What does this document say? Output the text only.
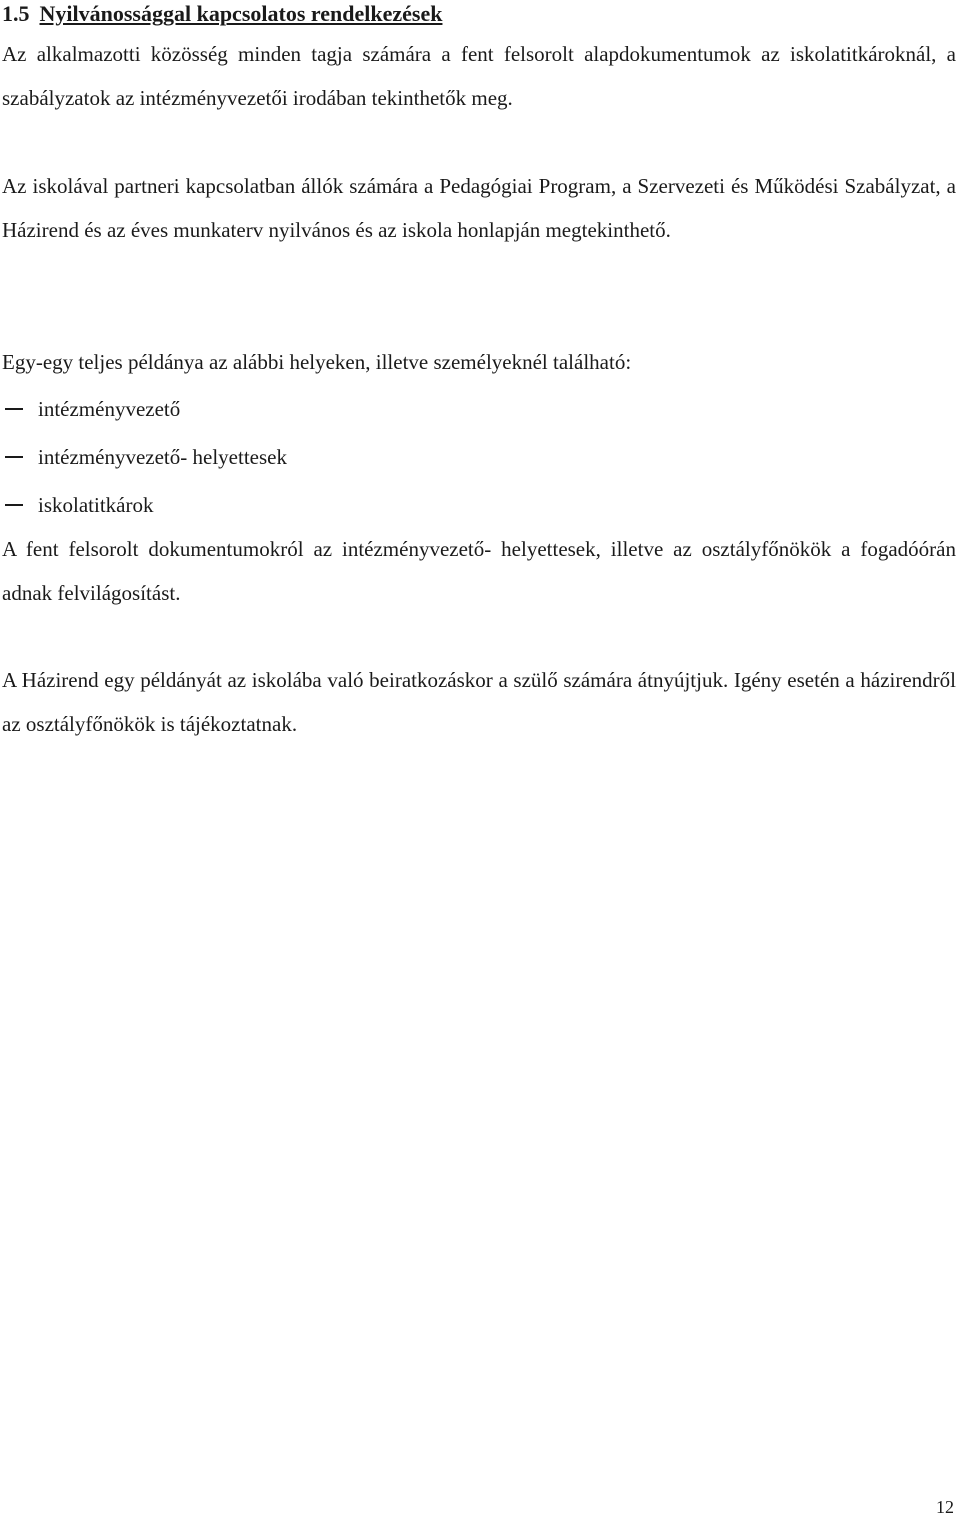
1.5 Nyilvánossággal kapcsolatos rendelkezések

Az alkalmazotti közösség minden tagja számára a fent felsorolt alapdokumentumok az iskolatitkároknál, a szabályzatok az intézményvezetői irodában tekinthetők meg.

Az iskolával partneri kapcsolatban állók számára a Pedagógiai Program, a Szervezeti és Működési Szabályzat, a Házirend és az éves munkaterv nyilvános és az iskola honlapján megtekinthető.

Egy-egy teljes példánya az alábbi helyeken, illetve személyeknél található:

intézményvezető
intézményvezető- helyettesek
iskolatitkárok

A fent felsorolt dokumentumokról az intézményvezető- helyettesek, illetve az osztályfőnökök a fogadóórán adnak felvilágosítást.

A Házirend egy példányát az iskolába való beiratkozáskor a szülő számára átnyújtjuk. Igény esetén a házirendről az osztályfőnökök is tájékoztatnak.

12
